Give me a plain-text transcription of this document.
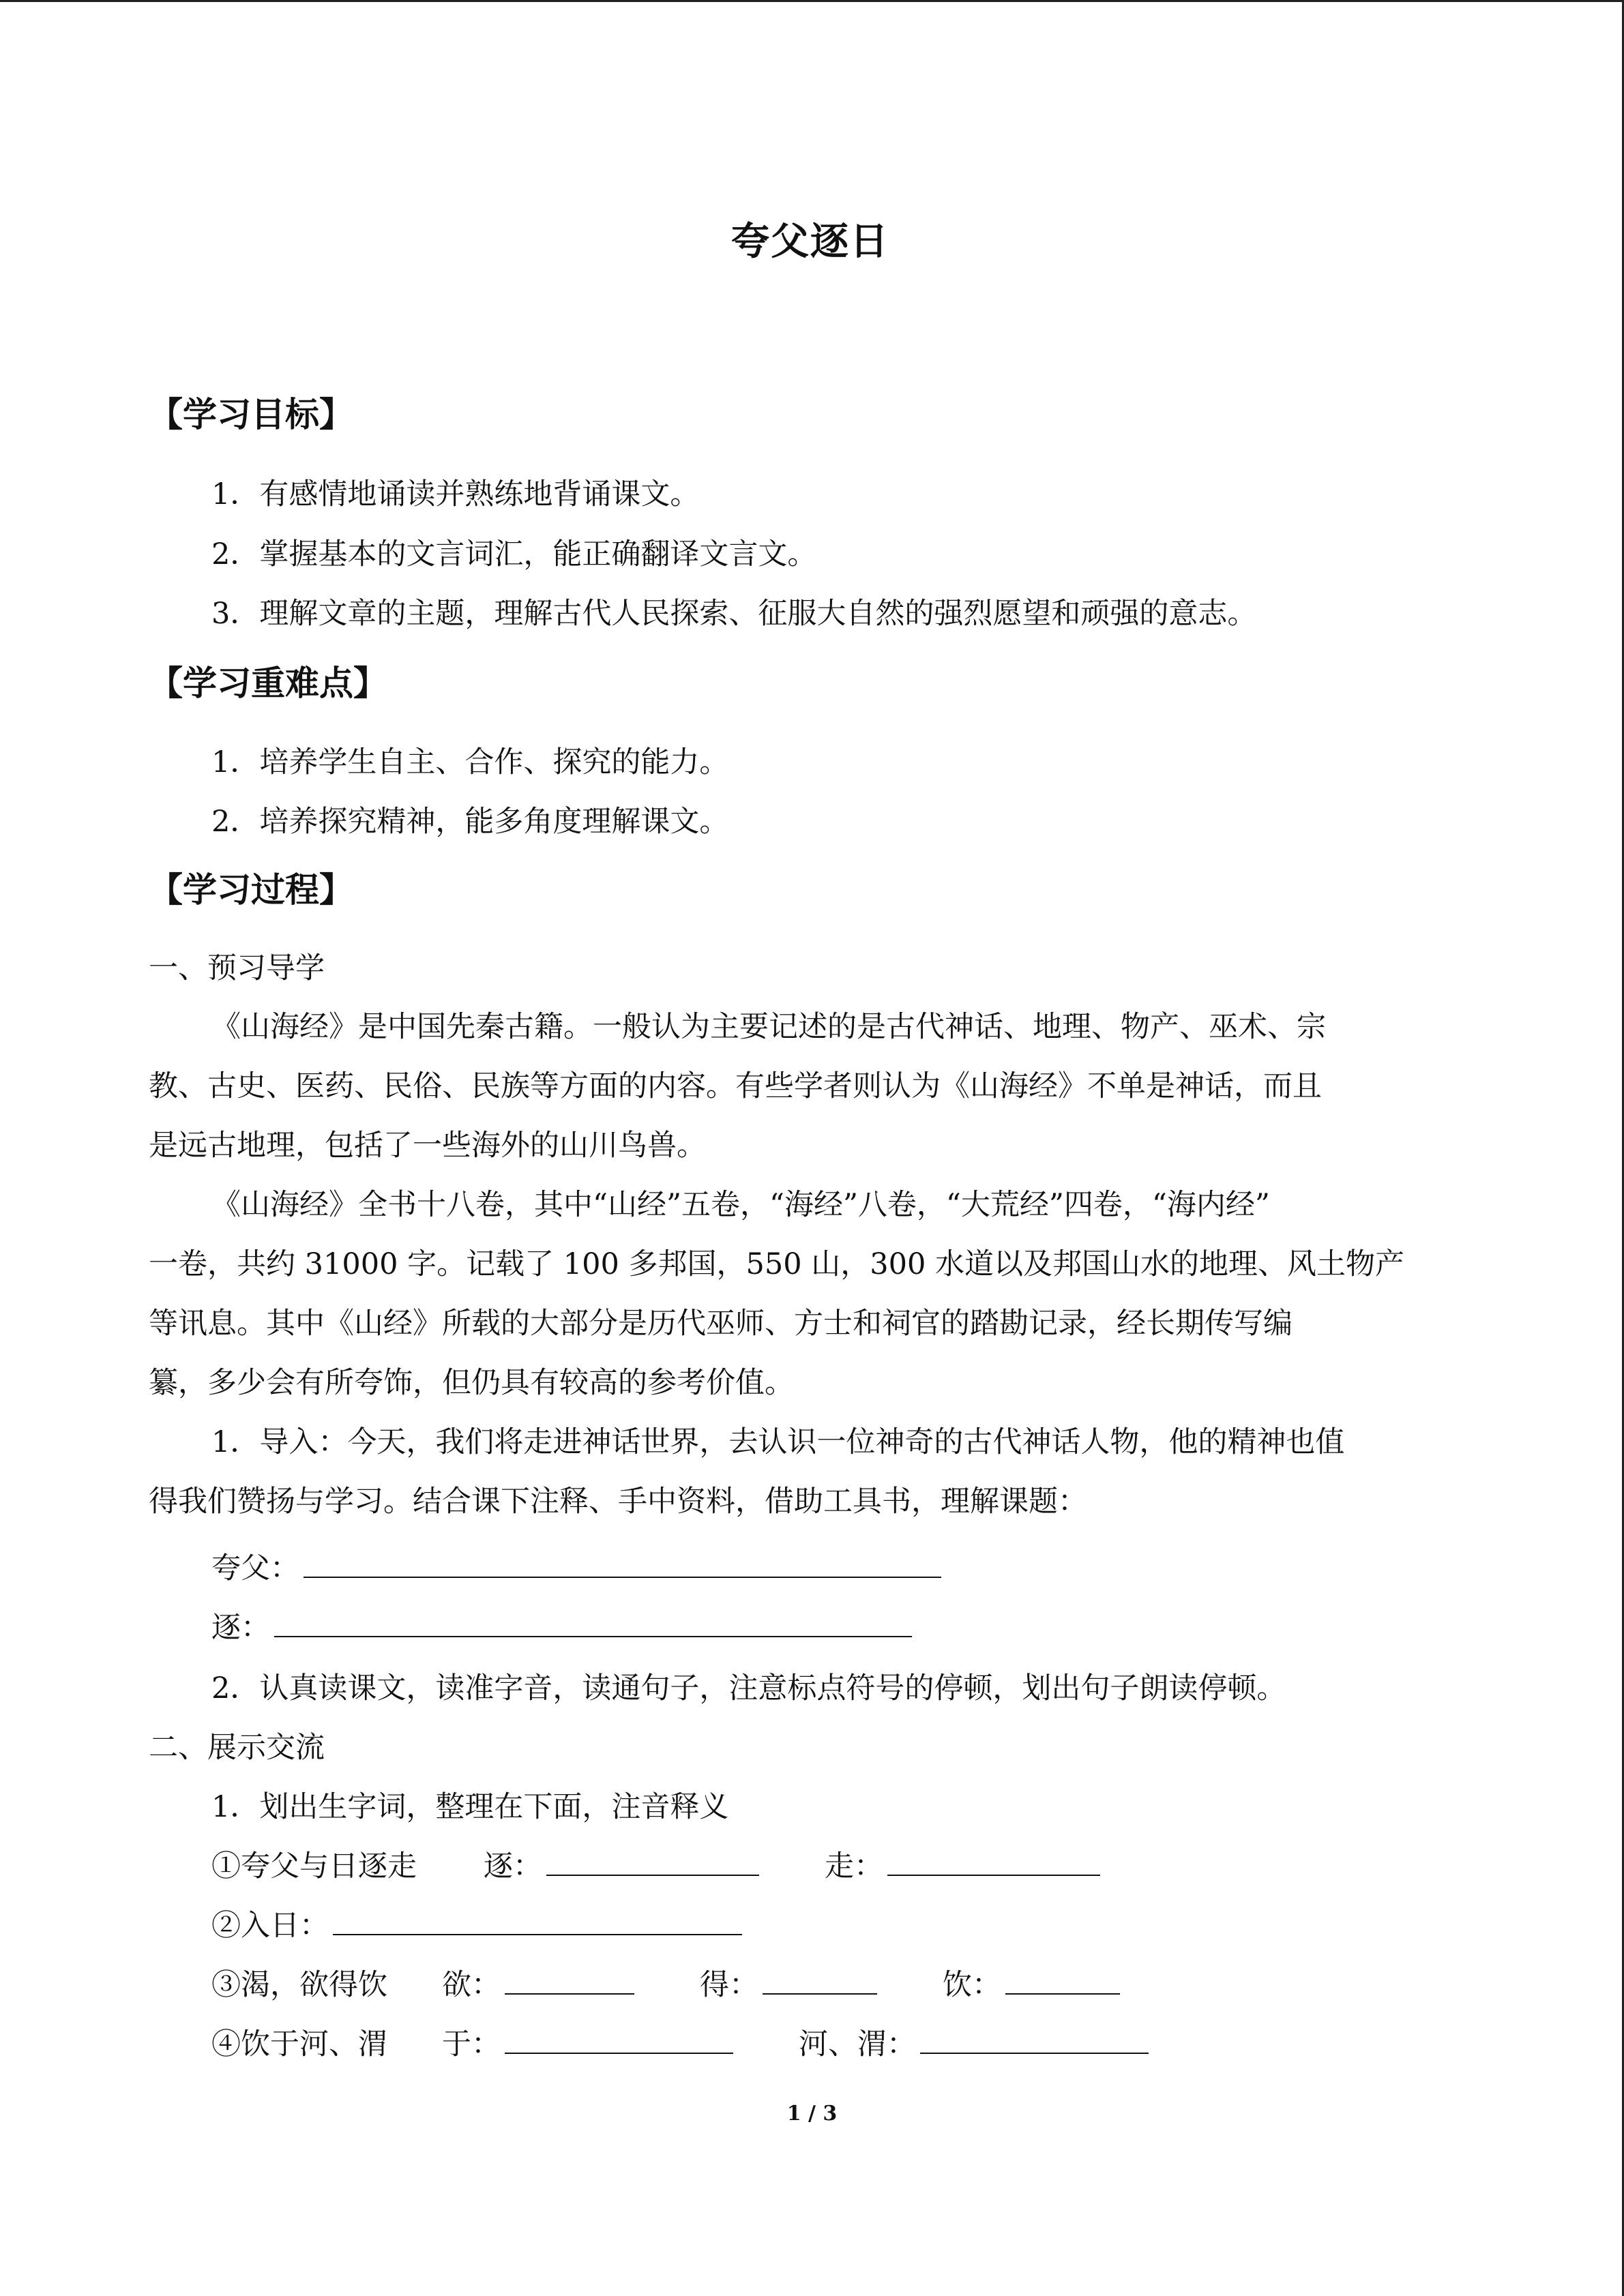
夸父逐日
【学习目标】
1．有感情地诵读并熟练地背诵课文。
2．掌握基本的文言词汇，能正确翻译文言文。
3．理解文章的主题，理解古代人民探索、征服大自然的强烈愿望和顽强的意志。
【学习重难点】
1．培养学生自主、合作、探究的能力。
2．培养探究精神，能多角度理解课文。
【学习过程】
一、预习导学
《山海经》是中国先秦古籍。一般认为主要记述的是古代神话、地理、物产、巫术、宗
教、古史、医药、民俗、民族等方面的内容。有些学者则认为《山海经》不单是神话，而且
是远古地理，包括了一些海外的山川鸟兽。
《山海经》全书十八卷，其中“山经”五卷，“海经”八卷，“大荒经”四卷，“海内经”
一卷，共约 31000 字。记载了 100 多邦国，550 山，300 水道以及邦国山水的地理、风土物产
等讯息。其中《山经》所载的大部分是历代巫师、方士和祠官的踏勘记录，经长期传写编
纂，多少会有所夸饰，但仍具有较高的参考价值。
1．导入：今天，我们将走进神话世界，去认识一位神奇的古代神话人物，他的精神也值
得我们赞扬与学习。结合课下注释、手中资料，借助工具书，理解课题：
夸父：
逐：
2．认真读课文，读准字音，读通句子，注意标点符号的停顿，划出句子朗读停顿。
二、展示交流
1．划出生字词，整理在下面，注音释义
①夸父与日逐走 逐：	走：
②入日：
③渴，欲得饮 欲：	得：	饮：
④饮于河、渭 于：	河、渭：
1 / 3
